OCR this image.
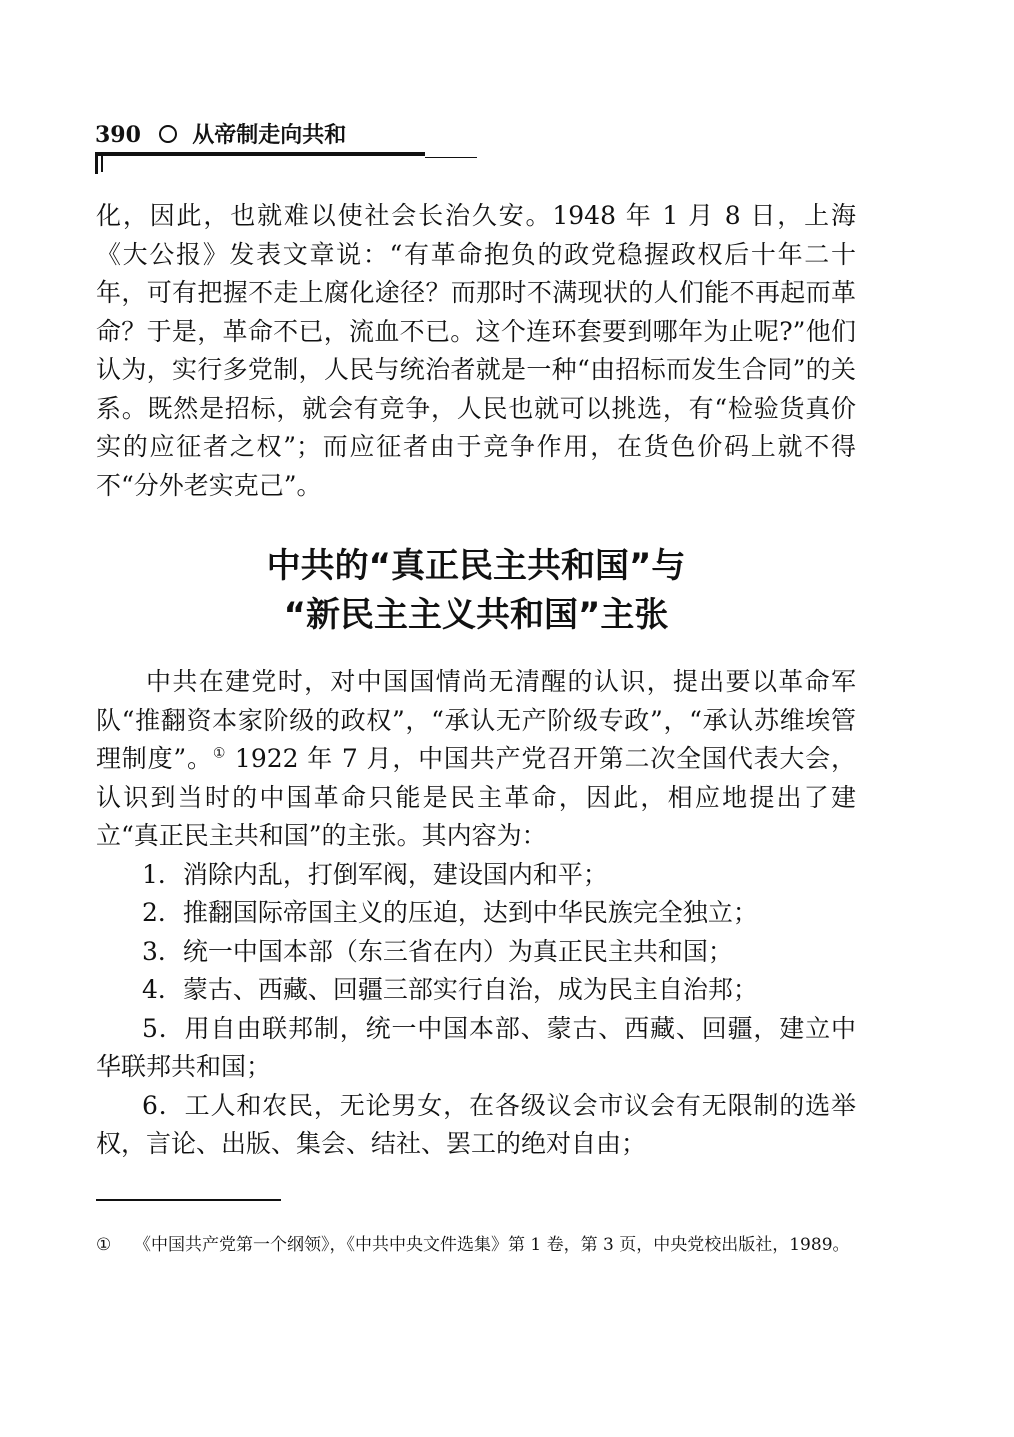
390 从帝制走向共和

化，因此，也就难以使社会长治久安。1948 年 1 月 8 日，上海《大公报》发表文章说：“有革命抱负的政党稳握政权后十年二十年，可有把握不走上腐化途径？而那时不满现状的人们能不再起而革命？于是，革命不已，流血不已。这个连环套要到哪年为止呢?”他们认为，实行多党制，人民与统治者就是一种“由招标而发生合同”的关系。既然是招标，就会有竞争，人民也就可以挑选，有“检验货真价实的应征者之权”；而应征者由于竞争作用，在货色价码上就不得不“分外老实克己”。

中共的“真正民主共和国”与
“新民主主义共和国”主张

中共在建党时，对中国国情尚无清醒的认识，提出要以革命军队“推翻资本家阶级的政权”，“承认无产阶级专政”，“承认苏维埃管理制度”。① 1922 年 7 月，中国共产党召开第二次全国代表大会，认识到当时的中国革命只能是民主革命，因此，相应地提出了建立“真正民主共和国”的主张。其内容为：

1．消除内乱，打倒军阀，建设国内和平；

2．推翻国际帝国主义的压迫，达到中华民族完全独立；

3．统一中国本部（东三省在内）为真正民主共和国；

4．蒙古、西藏、回疆三部实行自治，成为民主自治邦；

5．用自由联邦制，统一中国本部、蒙古、西藏、回疆，建立中华联邦共和国；

6．工人和农民，无论男女，在各级议会市议会有无限制的选举权，言论、出版、集会、结社、罢工的绝对自由；

① 《中国共产党第一个纲领》，《中共中央文件选集》第 1 卷，第 3 页，中央党校出版社，1989。
